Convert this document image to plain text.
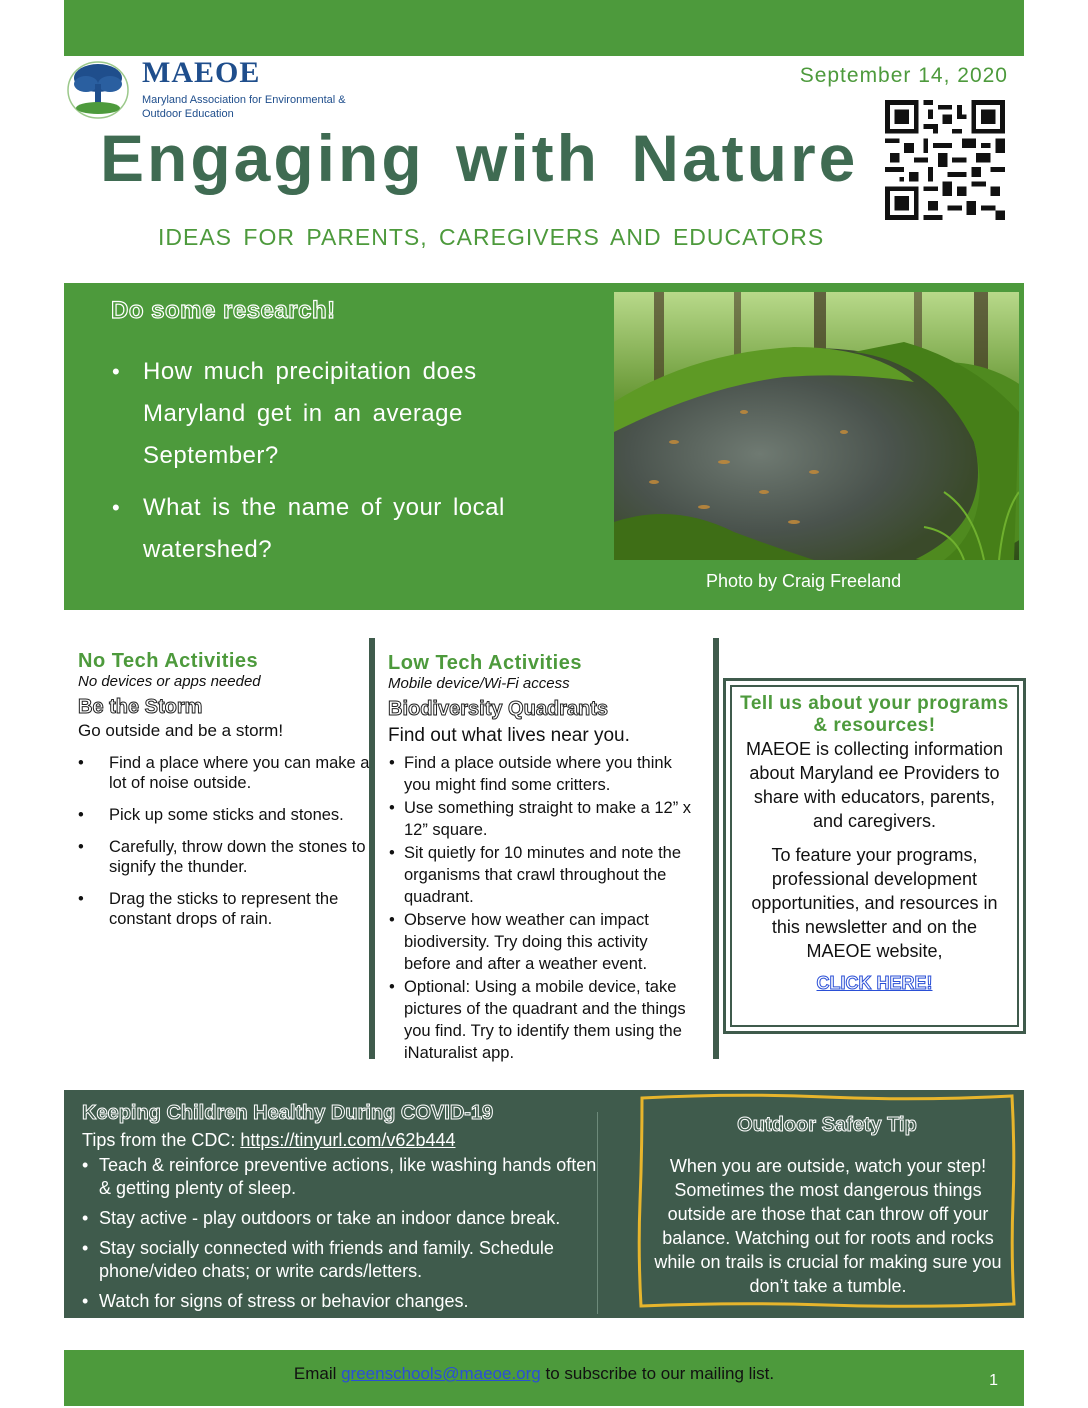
MAEOE
Maryland Association for Environmental & Outdoor Education
September 14, 2020
Engaging with Nature
IDEAS FOR PARENTS, CAREGIVERS AND EDUCATORS
Do some research!
• How much precipitation does Maryland get in an average September?
• What is the name of your local watershed?
Photo by Craig Freeland
No Tech Activities
No devices or apps needed
Be the Storm
Go outside and be a storm!
• Find a place where you can make a lot of noise outside.
• Pick up some sticks and stones.
• Carefully, throw down the stones to signify the thunder.
• Drag the sticks to represent the constant drops of rain.
Low Tech Activities
Mobile device/Wi-Fi access
Biodiversity Quadrants
Find out what lives near you.
• Find a place outside where you think you might find some critters.
• Use something straight to make a 12” x 12” square.
• Sit quietly for 10 minutes and note the organisms that crawl throughout the quadrant.
• Observe how weather can impact biodiversity. Try doing this activity before and after a weather event.
• Optional: Using a mobile device, take pictures of the quadrant and the things you find. Try to identify them using the iNaturalist app.
Tell us about your programs & resources!
MAEOE is collecting information about Maryland ee Providers to share with educators, parents, and caregivers.
To feature your programs, professional development opportunities, and resources in this newsletter and on the MAEOE website,
CLICK HERE!
Keeping Children Healthy During COVID-19
Tips from the CDC: https://tinyurl.com/v62b444
• Teach & reinforce preventive actions, like washing hands often & getting plenty of sleep.
• Stay active - play outdoors or take an indoor dance break.
• Stay socially connected with friends and family. Schedule phone/video chats; or write cards/letters.
• Watch for signs of stress or behavior changes.
Outdoor Safety Tip
When you are outside, watch your step! Sometimes the most dangerous things outside are those that can throw off your balance. Watching out for roots and rocks while on trails is crucial for making sure you don’t take a tumble.
Email greenschools@maeoe.org to subscribe to our mailing list.	1
